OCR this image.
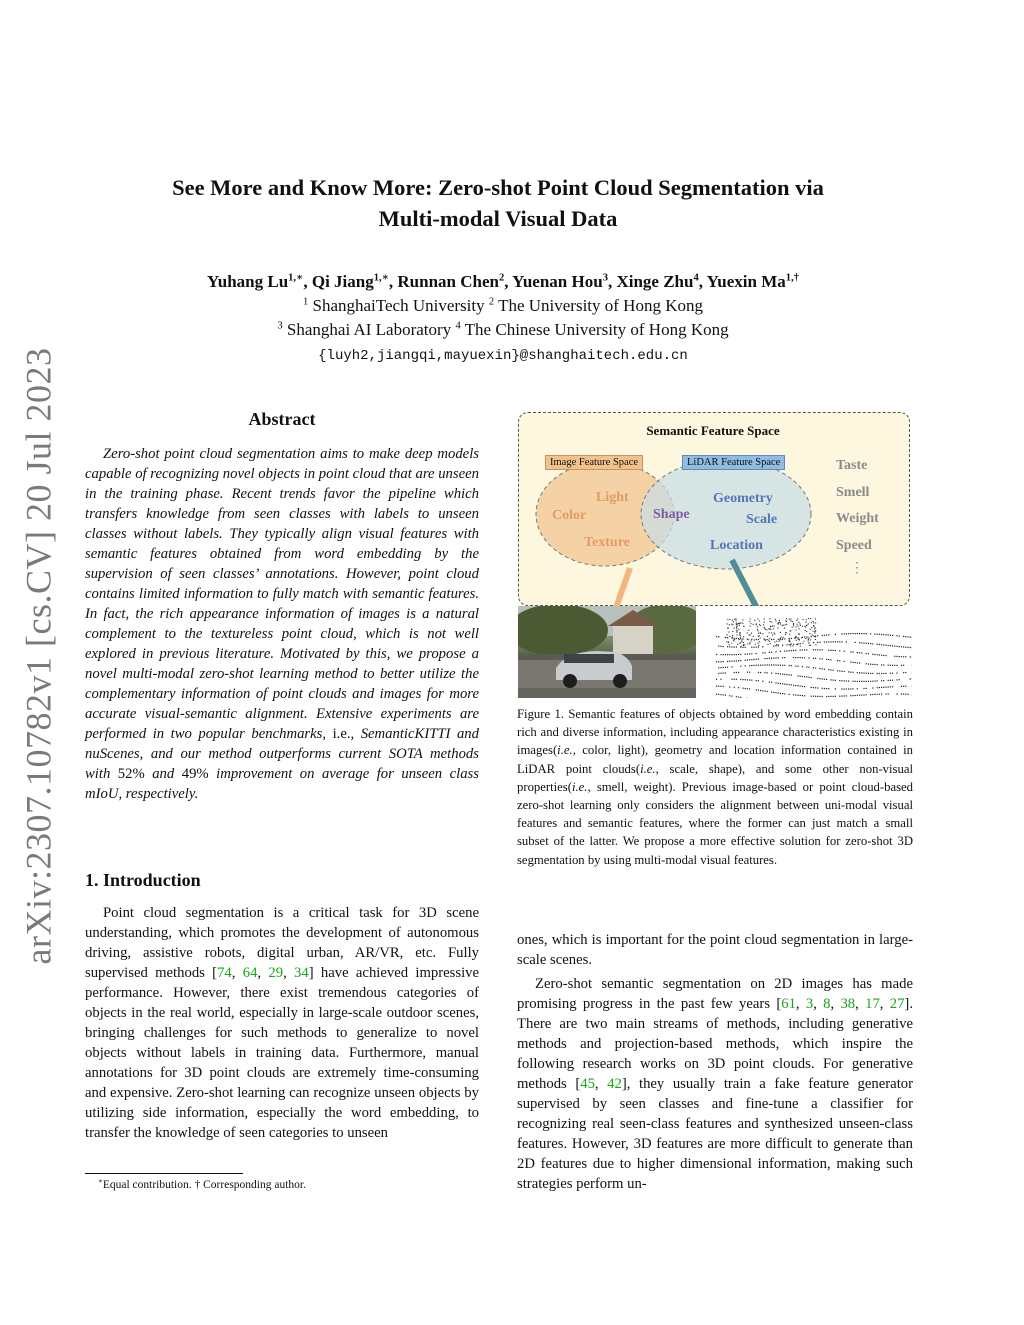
arXiv:2307.10782v1 [cs.CV] 20 Jul 2023
See More and Know More: Zero-shot Point Cloud Segmentation via
Multi-modal Visual Data
Yuhang $Lu^{1,∗}$, Qi Jiang$^{1,∗}$, Runnan Chen$^2$, Yuenan Hou$^3$, Xinge Zhu$^4$, Yuexin $Ma^{1,\dagger}$
$^1$ ShanghaiTech University $^2$ The University of Hong Kong
$^3$ Shanghai AI Laboratory $^4$ The Chinese University of Hong Kong
{luyh2,jiangqi,mayuexin}@shanghaitech.edu.cn
Abstract

Zero-shot point cloud segmentation aims to make deep models capable of recognizing novel objects in point cloud that are unseen in the training phase. Recent trends favor the pipeline which transfers knowledge from seen classes with labels to unseen classes without labels. They typically align visual features with semantic features obtained from word embedding by the supervision of seen classes’ annotations. However, point cloud contains limited information to fully match with semantic features. In fact, the rich appearance information of images is a natural complement to the textureless point cloud, which is not well explored in previous literature. Motivated by this, we propose a novel multi-modal zero-shot learning method to better utilize the complementary information of point clouds and images for more accurate visual-semantic alignment. Extensive experiments are performed in two popular benchmarks, i.e., SemanticKITTI and nuScenes, and our method outperforms current SOTA methods with 52% and 49% improvement on average for unseen class mIoU, respectively.

1. Introduction

Point cloud segmentation is a critical task for 3D scene understanding, which promotes the development of autonomous driving, assistive robots, digital urban, AR/VR, etc. Fully supervised methods [74, 64, 29, 34] have achieved impressive performance. However, there exist tremendous categories of objects in the real world, especially in large-scale outdoor scenes, bringing challenges for such methods to generalize to novel objects without labels in training data. Furthermore, manual annotations for 3D point clouds are extremely time-consuming and expensive. Zero-shot learning can recognize unseen objects by utilizing side information, especially the word embedding, to transfer the knowledge of seen categories to unseen

∗Equal contribution. † Corresponding author.
Semantic Feature Space
Image Feature Space	LiDAR Feature Space
Light
Color
Texture
Shape
Geometry
Scale
Location
Taste
Smell
Weight
Speed
⋮

Figure 1. Semantic features of objects obtained by word embedding contain rich and diverse information, including appearance characteristics existing in images(i.e., color, light), geometry and location information contained in LiDAR point clouds(i.e., scale, shape), and some other non-visual properties(i.e., smell, weight). Previous image-based or point cloud-based zero-shot learning only considers the alignment between uni-modal visual features and semantic features, where the former can just match a small subset of the latter. We propose a more effective solution for zero-shot 3D segmentation by using multi-modal visual features.

ones, which is important for the point cloud segmentation in large-scale scenes.

Zero-shot semantic segmentation on 2D images has made promising progress in the past few years [61, 3, 8, 38, 17, 27]. There are two main streams of methods, including generative methods and projection-based methods, which inspire the following research works on 3D point clouds. For generative methods [45, 42], they usually train a fake feature generator supervised by seen classes and fine-tune a classifier for recognizing real seen-class features and synthesized unseen-class features. However, 3D features are more difficult to generate than 2D features due to higher dimensional information, making such strategies perform un-
